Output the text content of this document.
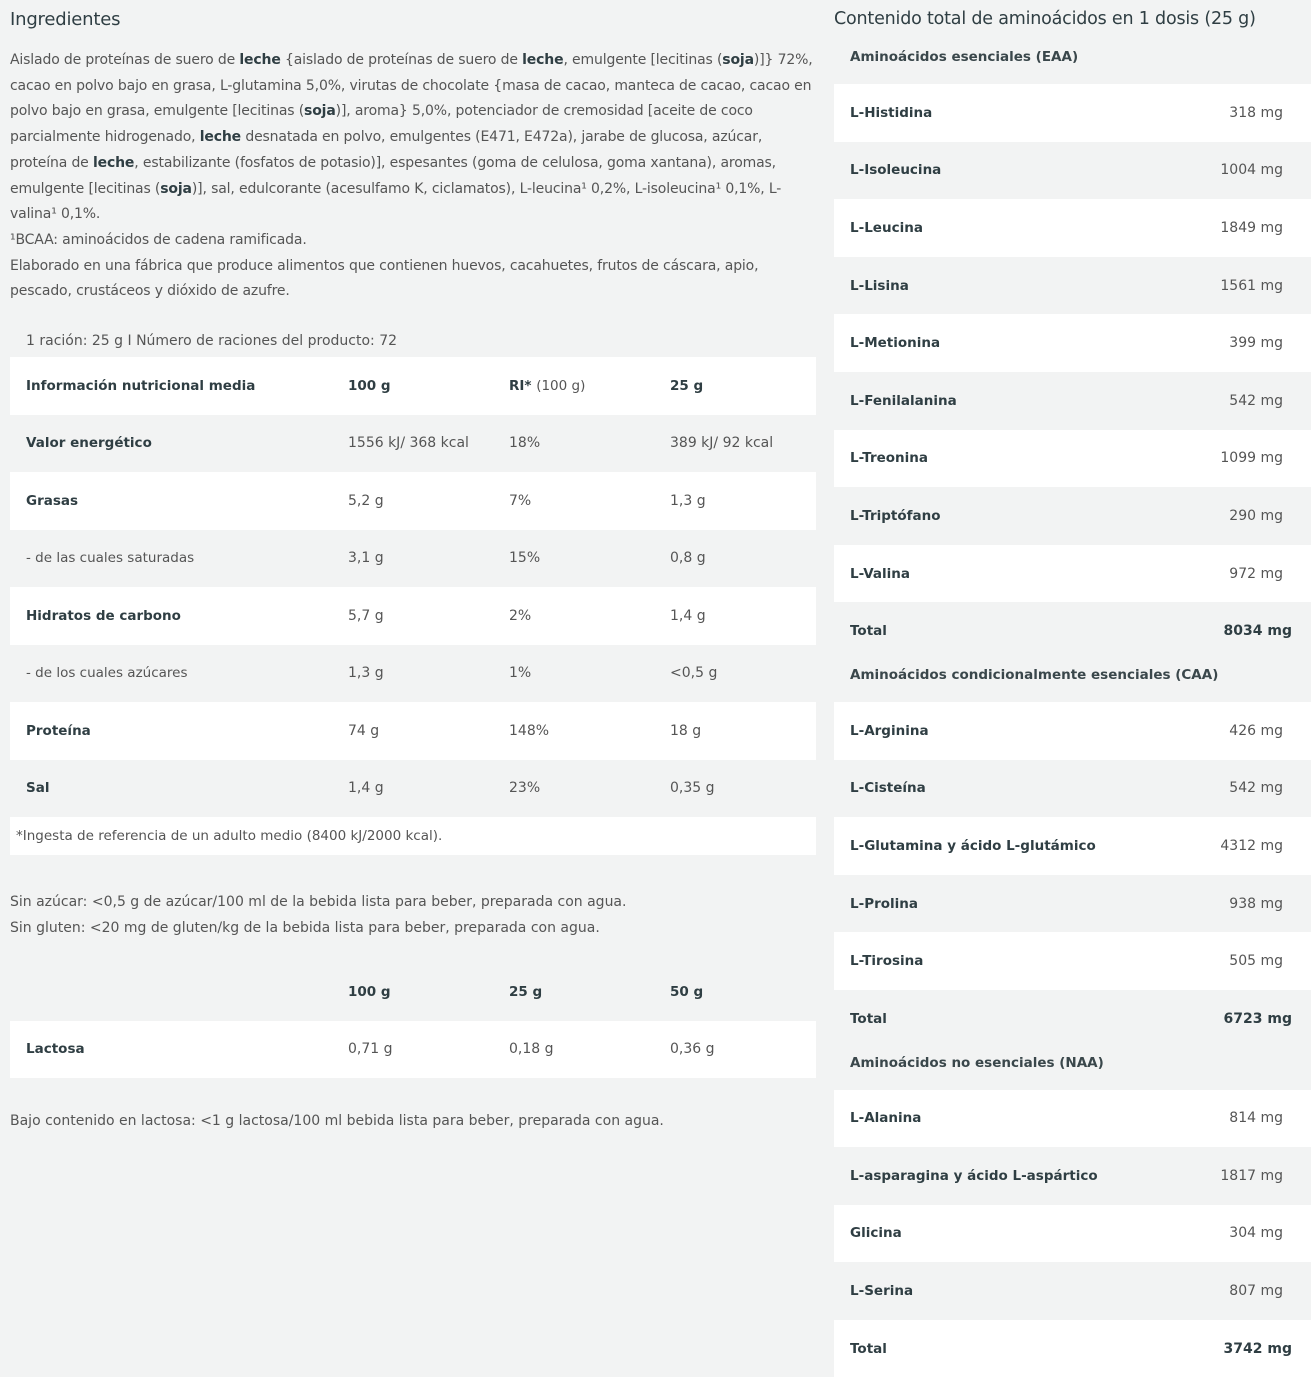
Ingredientes

Aislado de proteínas de suero de leche {aislado de proteínas de suero de leche, emulgente [lecitinas (soja)]} 72%, cacao en polvo bajo en grasa, L-glutamina 5,0%, virutas de chocolate {masa de cacao, manteca de cacao, cacao en polvo bajo en grasa, emulgente [lecitinas (soja)], aroma} 5,0%, potenciador de cremosidad [aceite de coco parcialmente hidrogenado, leche desnatada en polvo, emulgentes (E471, E472a), jarabe de glucosa, azúcar, proteína de leche, estabilizante (fosfatos de potasio)], espesantes (goma de celulosa, goma xantana), aromas, emulgente [lecitinas (soja)], sal, edulcorante (acesulfamo K, ciclamatos), L-leucina¹ 0,2%, L-isoleucina¹ 0,1%, L-valina¹ 0,1%.

¹BCAA: aminoácidos de cadena ramificada.

Elaborado en una fábrica que produce alimentos que contienen huevos, cacahuetes, frutos de cáscara, apio, pescado, crustáceos y dióxido de azufre.

1 ración: 25 g I Número de raciones del producto: 72
Información nutricional media	100 g	RI* (100 g)	25 g
Valor energético	1556 kJ/ 368 kcal	18%	389 kJ/ 92 kcal
Grasas	5,2 g	7%	1,3 g
- de las cuales saturadas	3,1 g	15%	0,8 g
Hidratos de carbono	5,7 g	2%	1,4 g
- de los cuales azúcares	1,3 g	1%	<0,5 g
Proteína	74 g	148%	18 g
Sal	1,4 g	23%	0,35 g
*Ingesta de referencia de un adulto medio (8400 kJ/2000 kcal).			

Sin azúcar: <0,5 g de azúcar/100 ml de la bebida lista para beber, preparada con agua.

Sin gluten: <20 mg de gluten/kg de la bebida lista para beber, preparada con agua.

	100 g	25 g	50 g
Lactosa	0,71 g	0,18 g	0,36 g
Bajo contenido en lactosa: <1 g lactosa/100 ml bebida lista para beber, preparada con agua.
Contenido total de aminoácidos en 1 dosis (25 g)
Aminoácidos esenciales (EAA)
L-Histidina	318 mg
L-Isoleucina	1004 mg
L-Leucina	1849 mg
L-Lisina	1561 mg
L-Metionina	399 mg
L-Fenilalanina	542 mg
L-Treonina	1099 mg
L-Triptófano	290 mg
L-Valina	972 mg
Total	8034 mg
Aminoácidos condicionalmente esenciales (CAA)
L-Arginina	426 mg
L-Cisteína	542 mg
L-Glutamina y ácido L-glutámico	4312 mg
L-Prolina	938 mg
L-Tirosina	505 mg
Total	6723 mg
Aminoácidos no esenciales (NAA)
L-Alanina	814 mg
L-asparagina y ácido L-aspártico	1817 mg
Glicina	304 mg
L-Serina	807 mg
Total	3742 mg
